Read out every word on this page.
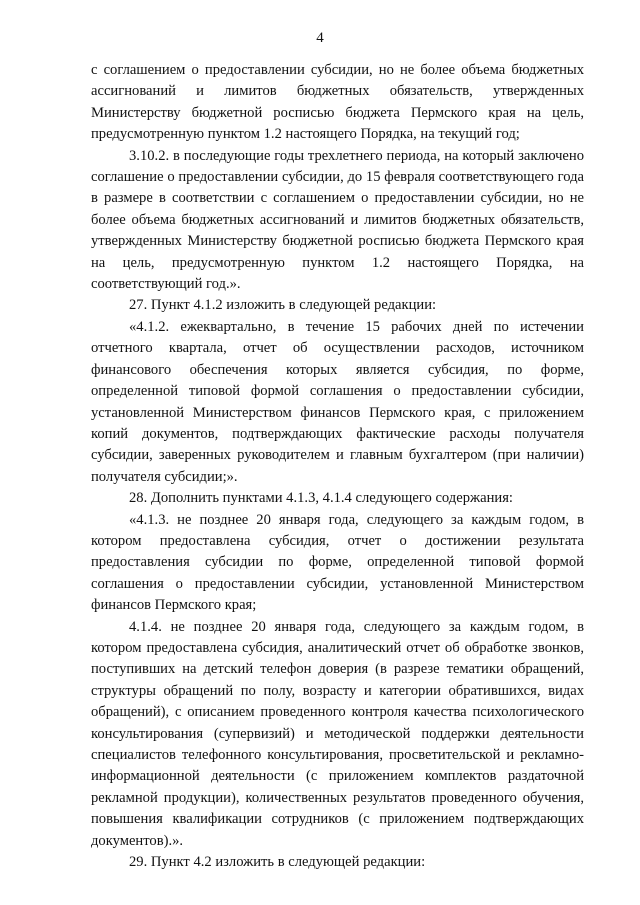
4

с соглашением о предоставлении субсидии, но не более объема бюджетных ассигнований и лимитов бюджетных обязательств, утвержденных Министерству бюджетной росписью бюджета Пермского края на цель, предусмотренную пунктом 1.2 настоящего Порядка, на текущий год;

3.10.2. в последующие годы трехлетнего периода, на который заключено соглашение о предоставлении субсидии, до 15 февраля соответствующего года в размере в соответствии с соглашением о предоставлении субсидии, но не более объема бюджетных ассигнований и лимитов бюджетных обязательств, утвержденных Министерству бюджетной росписью бюджета Пермского края на цель, предусмотренную пунктом 1.2 настоящего Порядка, на соответствующий год.».

27. Пункт 4.1.2 изложить в следующей редакции:

«4.1.2. ежеквартально, в течение 15 рабочих дней по истечении отчетного квартала, отчет об осуществлении расходов, источником финансового обеспечения которых является субсидия, по форме, определенной типовой формой соглашения о предоставлении субсидии, установленной Министерством финансов Пермского края, с приложением копий документов, подтверждающих фактические расходы получателя субсидии, заверенных руководителем и главным бухгалтером (при наличии) получателя субсидии;».

28. Дополнить пунктами 4.1.3, 4.1.4 следующего содержания:

«4.1.3. не позднее 20 января года, следующего за каждым годом, в котором предоставлена субсидия, отчет о достижении результата предоставления субсидии по форме, определенной типовой формой соглашения о предоставлении субсидии, установленной Министерством финансов Пермского края;

4.1.4. не позднее 20 января года, следующего за каждым годом, в котором предоставлена субсидия, аналитический отчет об обработке звонков, поступивших на детский телефон доверия (в разрезе тематики обращений, структуры обращений по полу, возрасту и категории обратившихся, видах обращений), с описанием проведенного контроля качества психологического консультирования (супервизий) и методической поддержки деятельности специалистов телефонного консультирования, просветительской и рекламно-информационной деятельности (с приложением комплектов раздаточной рекламной продукции), количественных результатов проведенного обучения, повышения квалификации сотрудников (с приложением подтверждающих документов).».

29. Пункт 4.2 изложить в следующей редакции:
